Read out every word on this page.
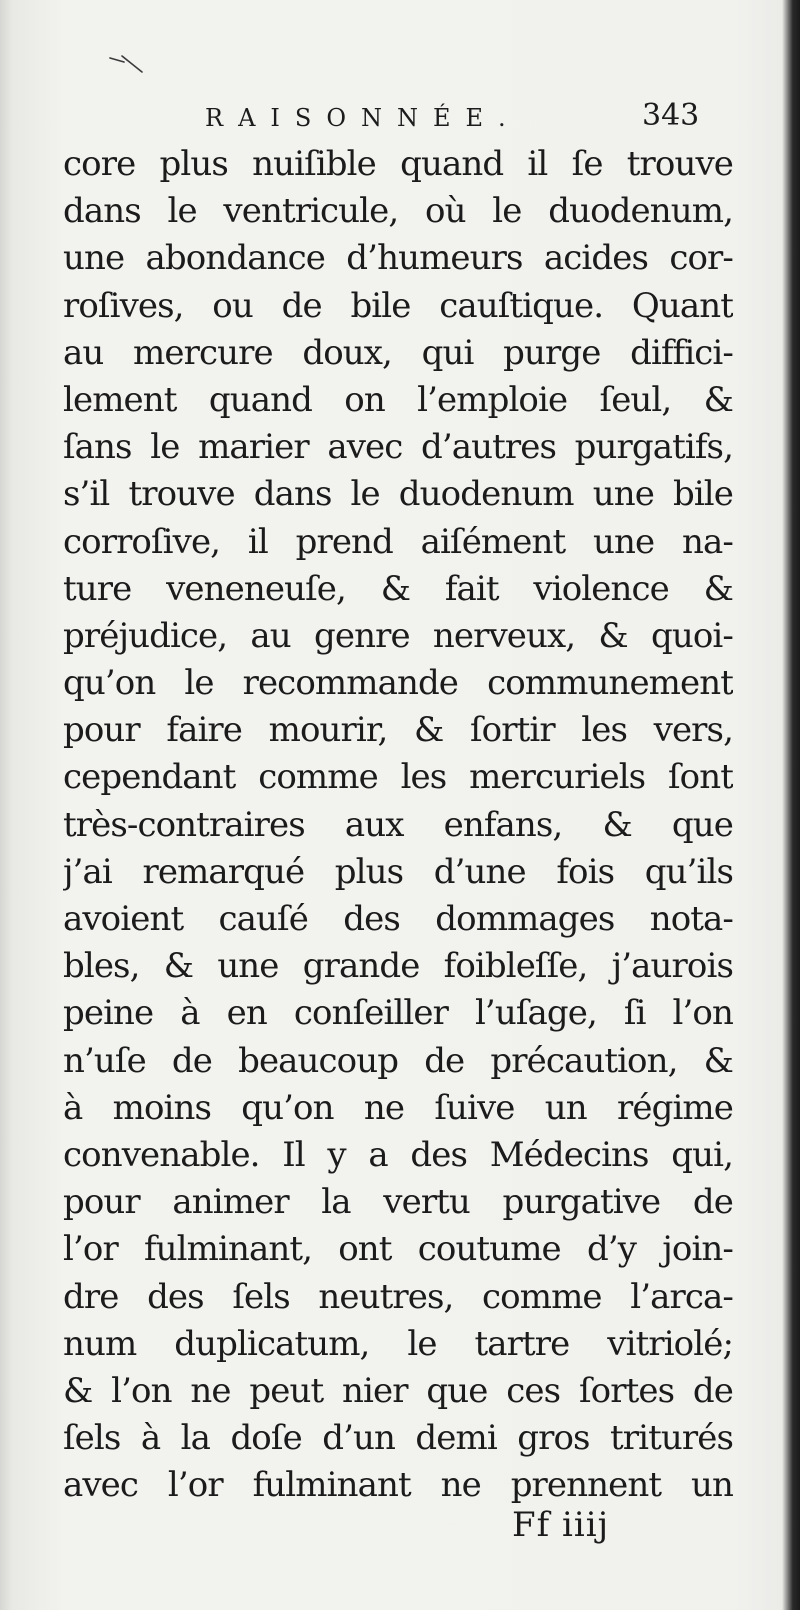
RAISONNÉE.	343
core plus nuiſible quand il ſe trouve
dans le ventricule, où le duodenum,
une abondance d’humeurs acides cor-
roſives, ou de bile cauſtique. Quant
au mercure doux, qui purge diffici-
lement quand on l’emploie ſeul, &
ſans le marier avec d’autres purgatifs,
s’il trouve dans le duodenum une bile
corroſive, il prend aiſément une na-
ture veneneuſe, & fait violence &
préjudice, au genre nerveux, & quoi-
qu’on le recommande communement
pour faire mourir, & ſortir les vers,
cependant comme les mercuriels ſont
très-contraires aux enfans, & que
j’ai remarqué plus d’une fois qu’ils
avoient cauſé des dommages nota-
bles, & une grande foibleſſe, j’aurois
peine à en conſeiller l’uſage, ſi l’on
n’uſe de beaucoup de précaution, &
à moins qu’on ne ſuive un régime
convenable. Il y a des Médecins qui,
pour animer la vertu purgative de
l’or fulminant, ont coutume d’y join-
dre des ſels neutres, comme l’arca-
num duplicatum, le tartre vitriolé;
& l’on ne peut nier que ces ſortes de
ſels à la doſe d’un demi gros triturés
avec l’or fulminant ne prennent un
Ff iiij
